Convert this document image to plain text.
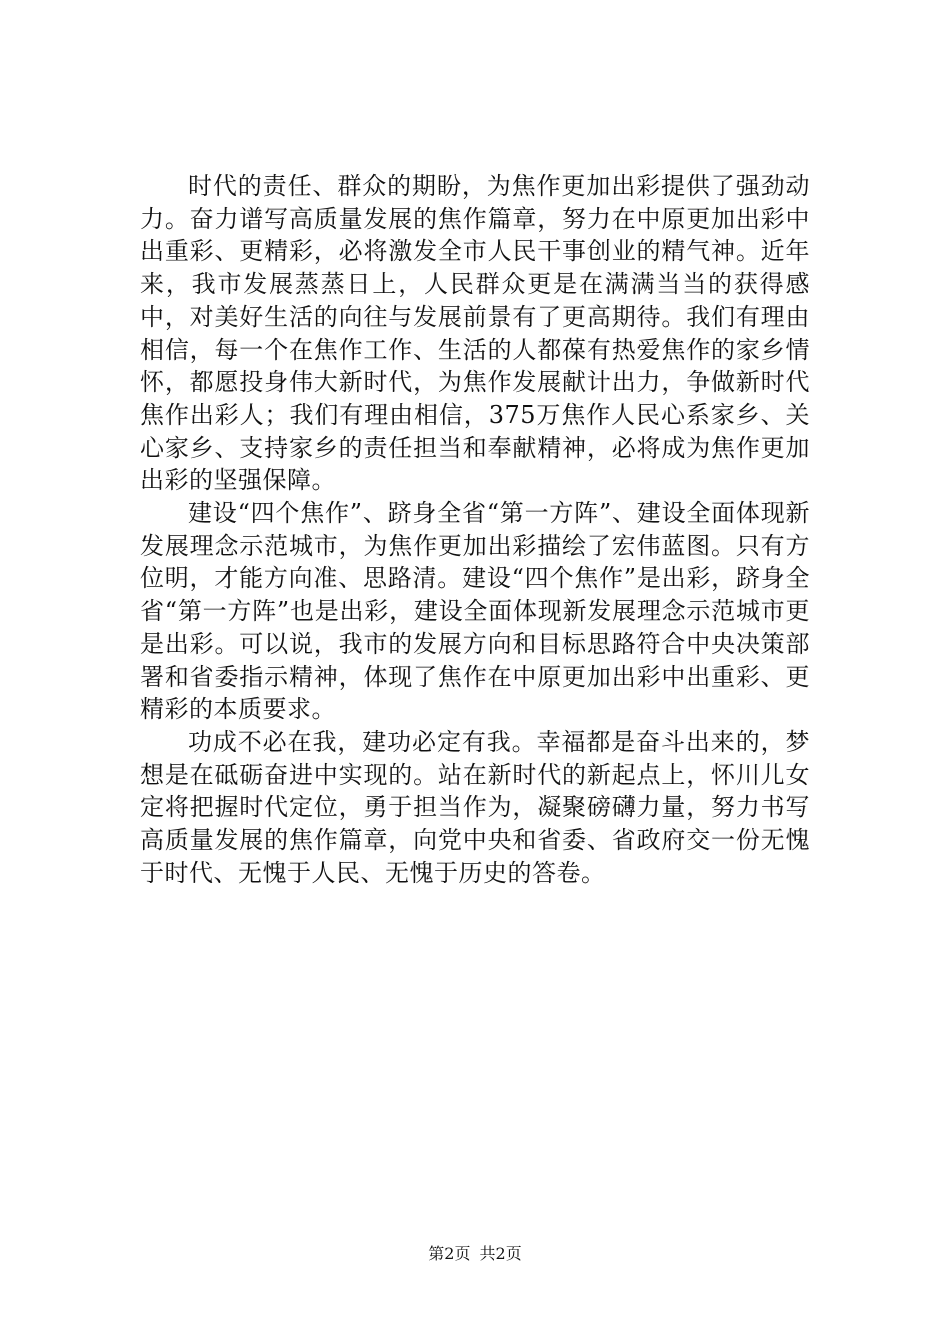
时代的责任、群众的期盼，为焦作更加出彩提供了强劲动力。奋力谱写高质量发展的焦作篇章，努力在中原更加出彩中出重彩、更精彩，必将激发全市人民干事创业的精气神。近年来，我市发展蒸蒸日上，人民群众更是在满满当当的获得感中，对美好生活的向往与发展前景有了更高期待。我们有理由相信，每一个在焦作工作、生活的人都葆有热爱焦作的家乡情怀，都愿投身伟大新时代，为焦作发展献计出力，争做新时代焦作出彩人；我们有理由相信，375万焦作人民心系家乡、关心家乡、支持家乡的责任担当和奉献精神，必将成为焦作更加出彩的坚强保障。

建设“四个焦作”、跻身全省“第一方阵”、建设全面体现新发展理念示范城市，为焦作更加出彩描绘了宏伟蓝图。只有方位明，才能方向准、思路清。建设“四个焦作”是出彩，跻身全省“第一方阵”也是出彩，建设全面体现新发展理念示范城市更是出彩。可以说，我市的发展方向和目标思路符合中央决策部署和省委指示精神，体现了焦作在中原更加出彩中出重彩、更精彩的本质要求。

功成不必在我，建功必定有我。幸福都是奋斗出来的，梦想是在砥砺奋进中实现的。站在新时代的新起点上，怀川儿女定将把握时代定位，勇于担当作为，凝聚磅礴力量，努力书写高质量发展的焦作篇章，向党中央和省委、省政府交一份无愧于时代、无愧于人民、无愧于历史的答卷。

第2页 共2页
